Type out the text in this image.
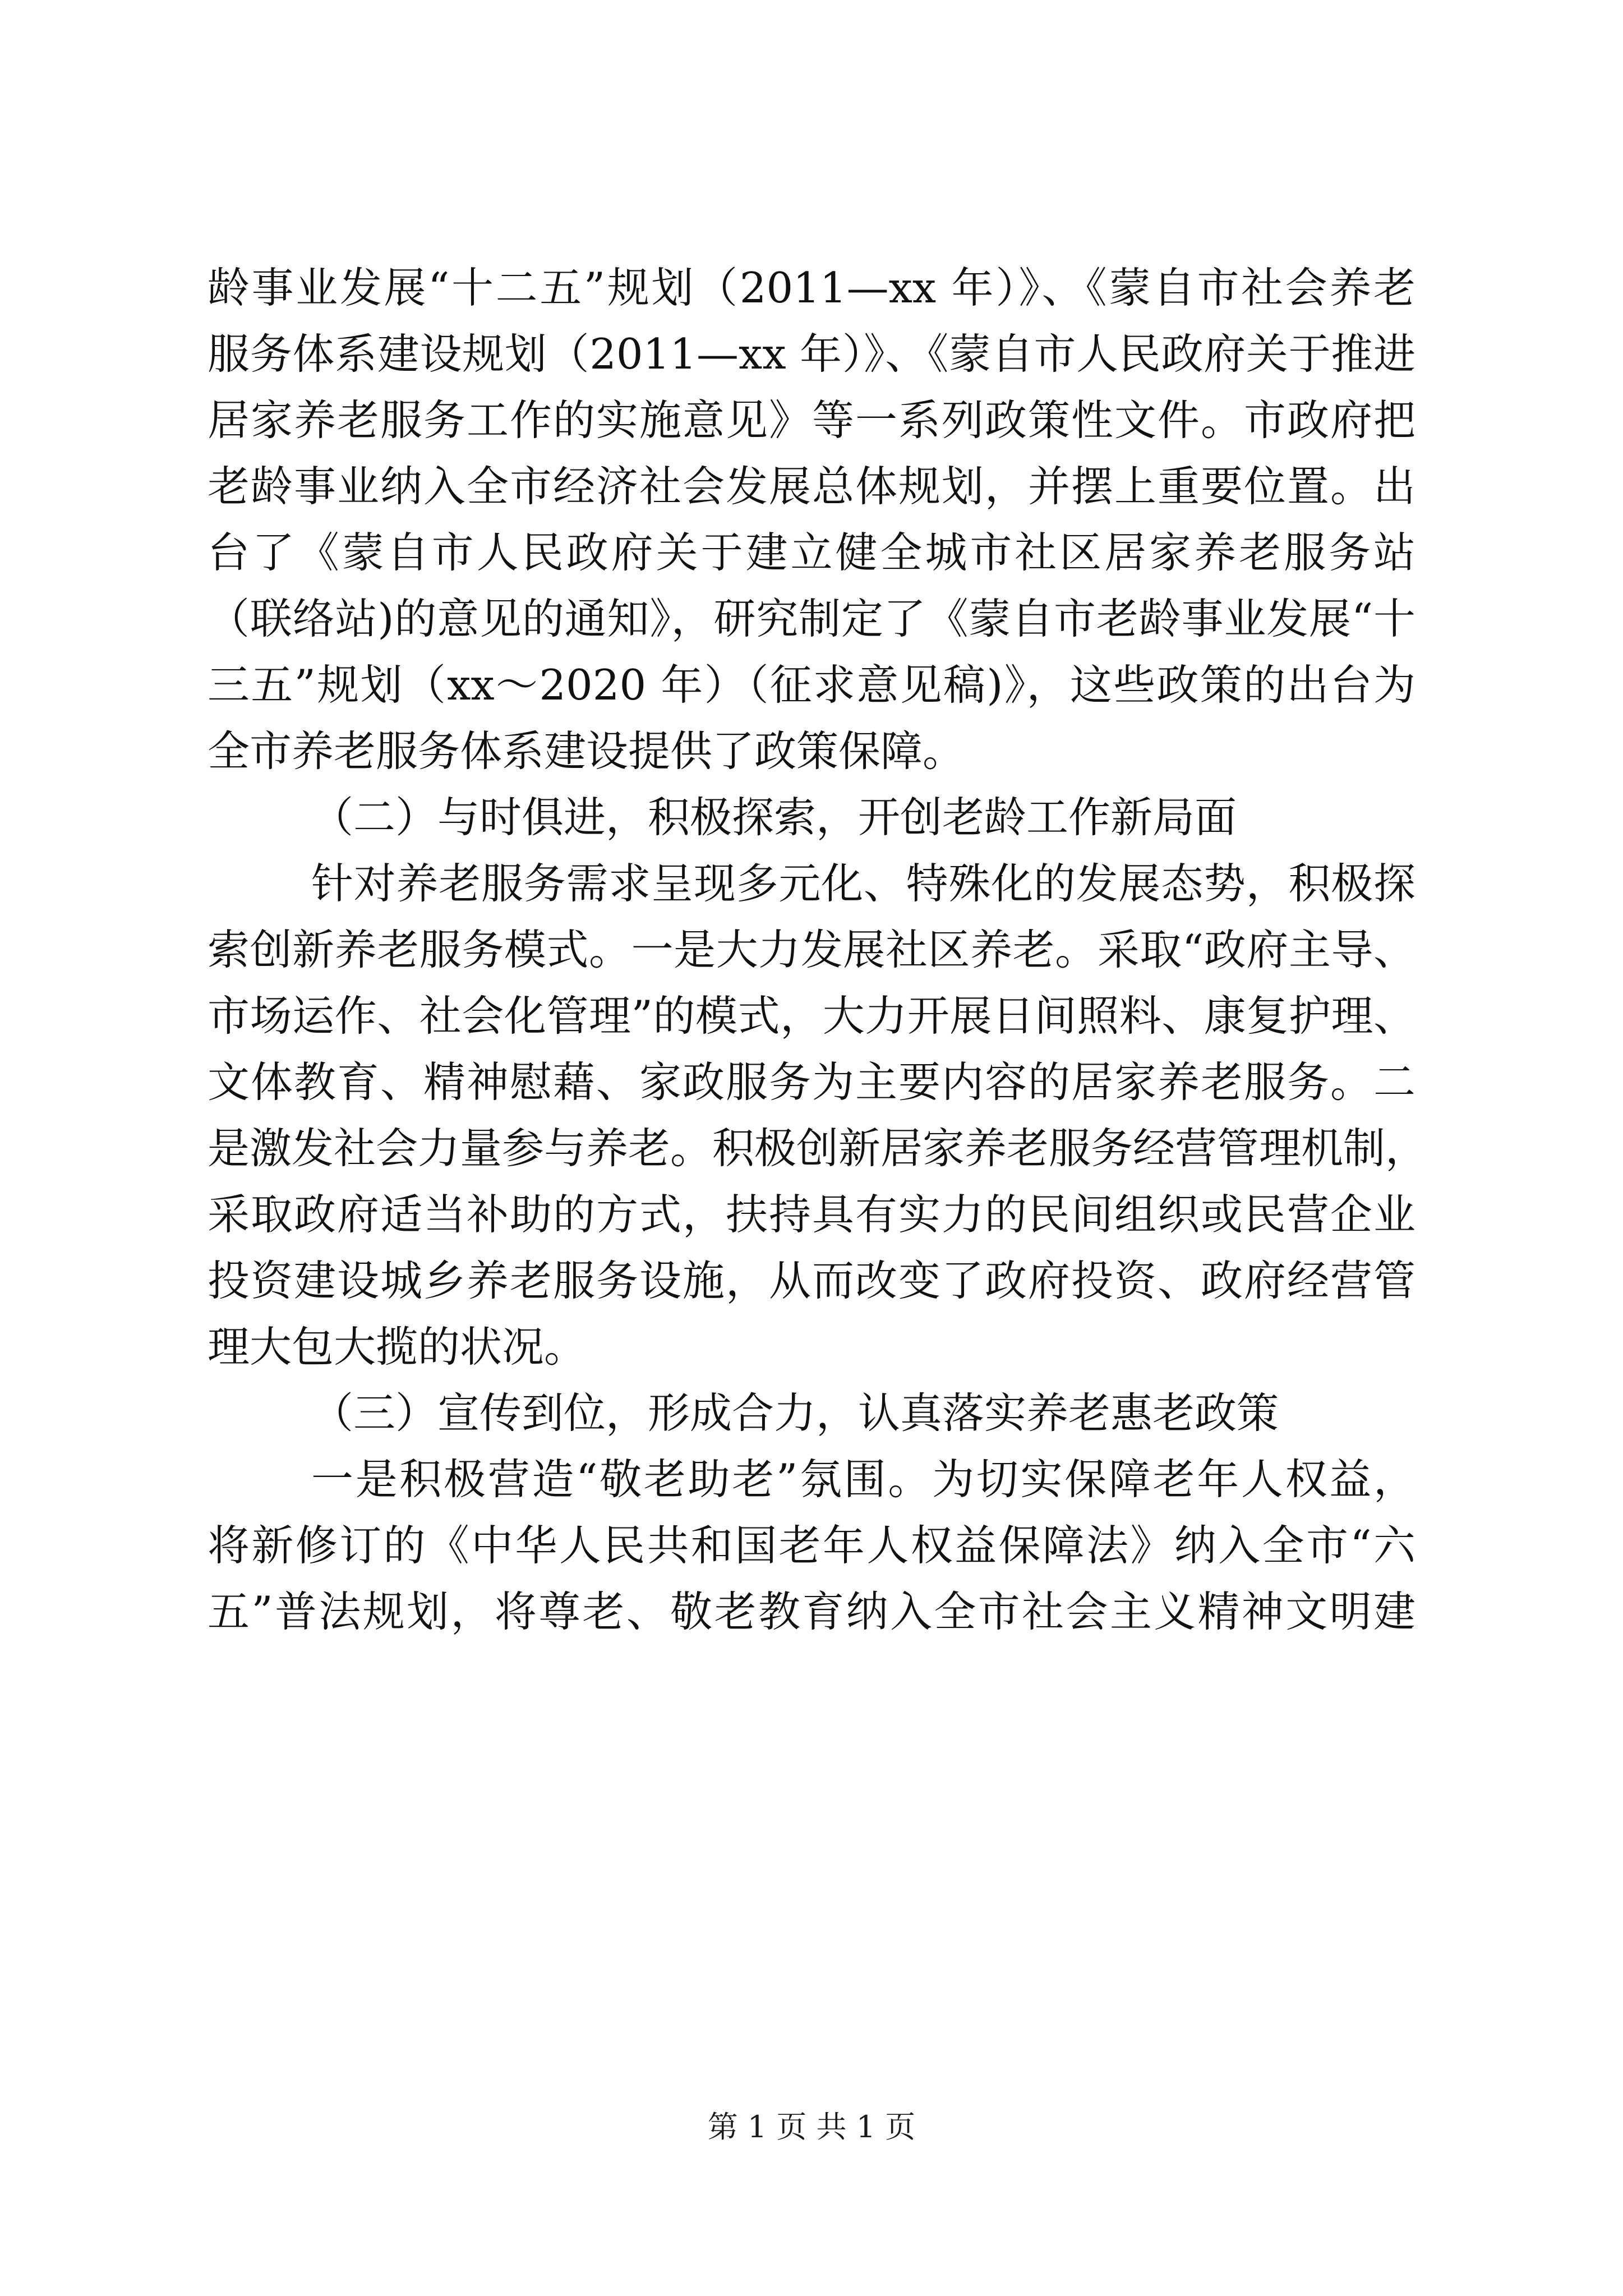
龄事业发展“十二五”规划（2011—xx 年）》、《蒙自市社会养老
服务体系建设规划（2011—xx 年）》、《蒙自市人民政府关于推进
居家养老服务工作的实施意见》等一系列政策性文件。市政府把
老龄事业纳入全市经济社会发展总体规划，并摆上重要位置。出
台了《蒙自市人民政府关于建立健全城市社区居家养老服务站
（联络站)的意见的通知》，研究制定了《蒙自市老龄事业发展“十
三五”规划（xx～2020 年）（征求意见稿)》，这些政策的出台为
全市养老服务体系建设提供了政策保障。
（二）与时俱进，积极探索，开创老龄工作新局面
针对养老服务需求呈现多元化、特殊化的发展态势，积极探
索创新养老服务模式。一是大力发展社区养老。采取“政府主导、
市场运作、社会化管理”的模式，大力开展日间照料、康复护理、
文体教育、精神慰藉、家政服务为主要内容的居家养老服务。二
是激发社会力量参与养老。积极创新居家养老服务经营管理机制，
采取政府适当补助的方式，扶持具有实力的民间组织或民营企业
投资建设城乡养老服务设施，从而改变了政府投资、政府经营管
理大包大揽的状况。
（三）宣传到位，形成合力，认真落实养老惠老政策
一是积极营造“敬老助老”氛围。为切实保障老年人权益，
将新修订的《中华人民共和国老年人权益保障法》纳入全市“六
五”普法规划，将尊老、敬老教育纳入全市社会主义精神文明建
第 1 页 共 1 页
